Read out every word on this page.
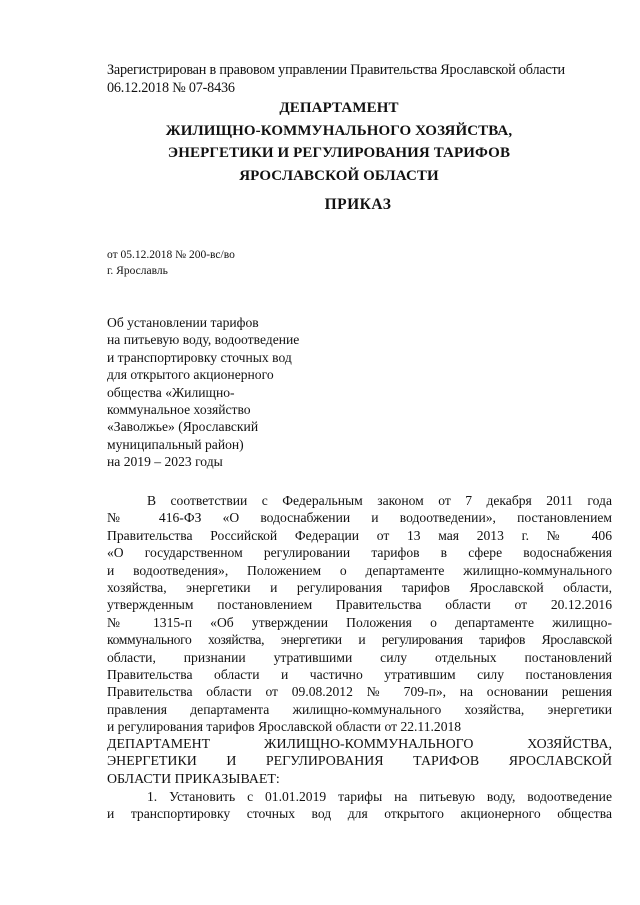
Зарегистрирован в правовом управлении Правительства Ярославской области
06.12.2018 № 07-8436
ДЕПАРТАМЕНТ
ЖИЛИЩНО-КОММУНАЛЬНОГО ХОЗЯЙСТВА,
ЭНЕРГЕТИКИ И РЕГУЛИРОВАНИЯ ТАРИФОВ
ЯРОСЛАВСКОЙ ОБЛАСТИ
ПРИКАЗ
от 05.12.2018 № 200-вс/во
г. Ярославль
Об установлении тарифов
на питьевую воду, водоотведение
и транспортировку сточных вод
для открытого акционерного
общества «Жилищно-
коммунальное хозяйство
«Заволжье» (Ярославский
муниципальный район)
на 2019 – 2023 годы
В соответствии с Федеральным законом от 7 декабря 2011 года
№ 416-ФЗ «О водоснабжении и водоотведении», постановлением
Правительства Российской Федерации от 13 мая 2013 г. № 406
«О государственном регулировании тарифов в сфере водоснабжения
и водоотведения», Положением о департаменте жилищно-коммунального
хозяйства, энергетики и регулирования тарифов Ярославской области,
утвержденным постановлением Правительства области от 20.12.2016
№ 1315-п «Об утверждении Положения о департаменте жилищно-
коммунального хозяйства, энергетики и регулирования тарифов Ярославской
области, признании утратившими силу отдельных постановлений
Правительства области и частично утратившим силу постановления
Правительства области от 09.08.2012 № 709-п», на основании решения
правления департамента жилищно-коммунального хозяйства, энергетики
и регулирования тарифов Ярославской области от 22.11.2018
ДЕПАРТАМЕНТ ЖИЛИЩНО-КОММУНАЛЬНОГО ХОЗЯЙСТВА,
ЭНЕРГЕТИКИ И РЕГУЛИРОВАНИЯ ТАРИФОВ ЯРОСЛАВСКОЙ
ОБЛАСТИ ПРИКАЗЫВАЕТ:
1. Установить с 01.01.2019 тарифы на питьевую воду, водоотведение
и транспортировку сточных вод для открытого акционерного общества
